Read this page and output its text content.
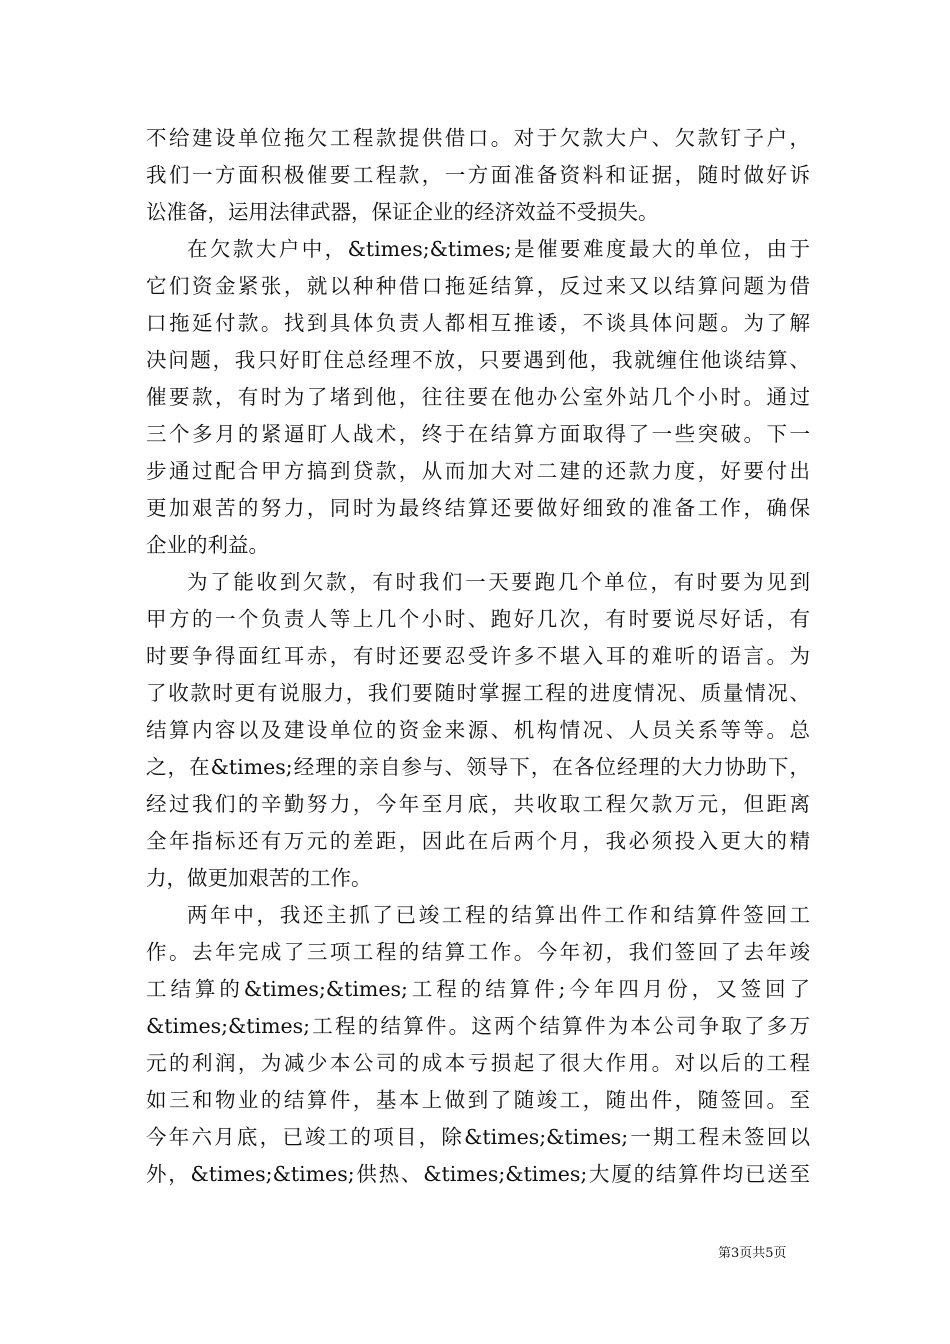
不给建设单位拖欠工程款提供借口。对于欠款大户、欠款钉子户，
我们一方面积极催要工程款，一方面准备资料和证据，随时做好诉
讼准备，运用法律武器，保证企业的经济效益不受损失。
在欠款大户中，&times;&times;是催要难度最大的单位，由于
它们资金紧张，就以种种借口拖延结算，反过来又以结算问题为借
口拖延付款。找到具体负责人都相互推诿，不谈具体问题。为了解
决问题，我只好盯住总经理不放，只要遇到他，我就缠住他谈结算、
催要款，有时为了堵到他，往往要在他办公室外站几个小时。通过
三个多月的紧逼盯人战术，终于在结算方面取得了一些突破。下一
步通过配合甲方搞到贷款，从而加大对二建的还款力度，好要付出
更加艰苦的努力，同时为最终结算还要做好细致的准备工作，确保
企业的利益。
为了能收到欠款，有时我们一天要跑几个单位，有时要为见到
甲方的一个负责人等上几个小时、跑好几次，有时要说尽好话，有
时要争得面红耳赤，有时还要忍受许多不堪入耳的难听的语言。为
了收款时更有说服力，我们要随时掌握工程的进度情况、质量情况、
结算内容以及建设单位的资金来源、机构情况、人员关系等等。总
之，在&times;经理的亲自参与、领导下，在各位经理的大力协助下，
经过我们的辛勤努力，今年至月底，共收取工程欠款万元，但距离
全年指标还有万元的差距，因此在后两个月，我必须投入更大的精
力，做更加艰苦的工作。
两年中，我还主抓了已竣工程的结算出件工作和结算件签回工
作。去年完成了三项工程的结算工作。今年初，我们签回了去年竣
工结算的&times;&times;工程的结算件;今年四月份，又签回了
&times;&times;工程的结算件。这两个结算件为本公司争取了多万
元的利润，为减少本公司的成本亏损起了很大作用。对以后的工程
如三和物业的结算件，基本上做到了随竣工，随出件，随签回。至
今年六月底，已竣工的项目，除&times;&times;一期工程未签回以
外，&times;&times;供热、&times;&times;大厦的结算件均已送至
第3页共5页
